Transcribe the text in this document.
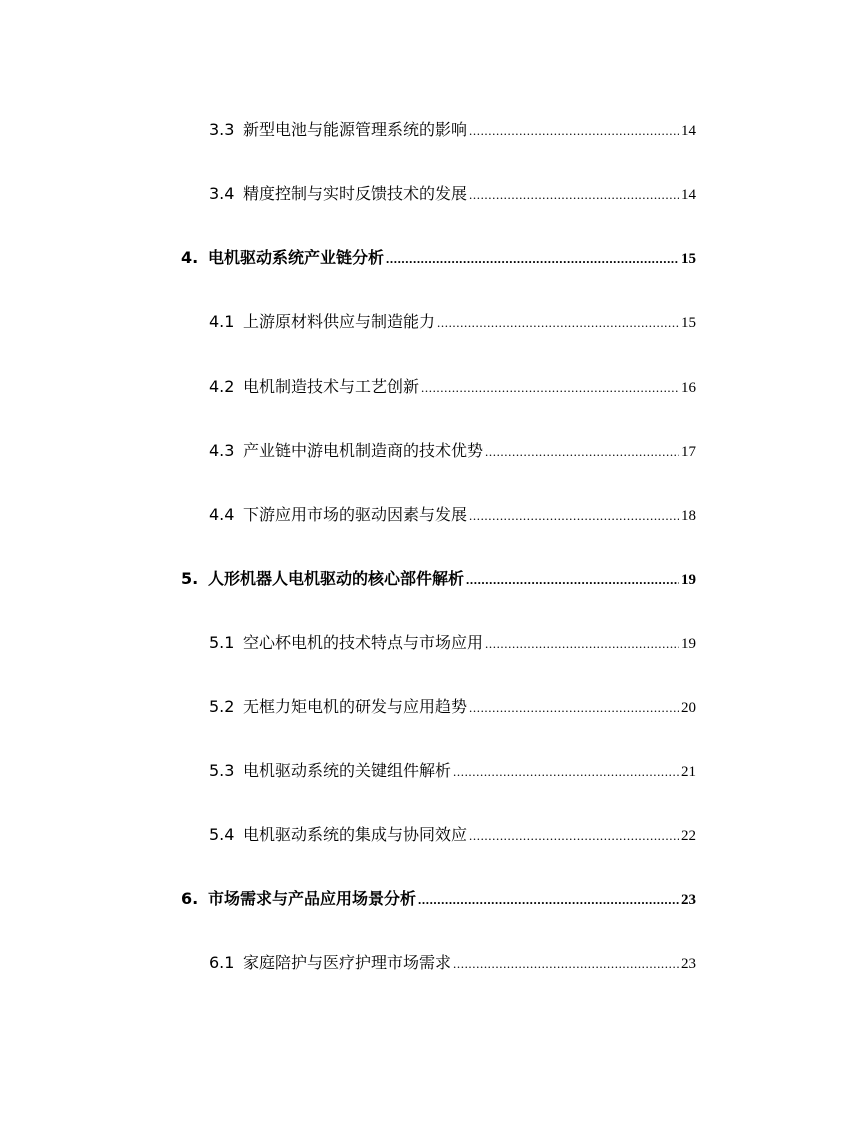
3.3 新型电池与能源管理系统的影响 .....	14
3.4 精度控制与实时反馈技术的发展 .....	14
4. 电机驱动系统产业链分析 .....	15
4.1 上游原材料供应与制造能力 .....	15
4.2 电机制造技术与工艺创新 .....	16
4.3 产业链中游电机制造商的技术优势 .....	17
4.4 下游应用市场的驱动因素与发展 .....	18
5. 人形机器人电机驱动的核心部件解析 .....	19
5.1 空心杯电机的技术特点与市场应用 .....	19
5.2 无框力矩电机的研发与应用趋势 .....	20
5.3 电机驱动系统的关键组件解析 .....	21
5.4 电机驱动系统的集成与协同效应 .....	22
6. 市场需求与产品应用场景分析 .....	23
6.1 家庭陪护与医疗护理市场需求 .....	23
